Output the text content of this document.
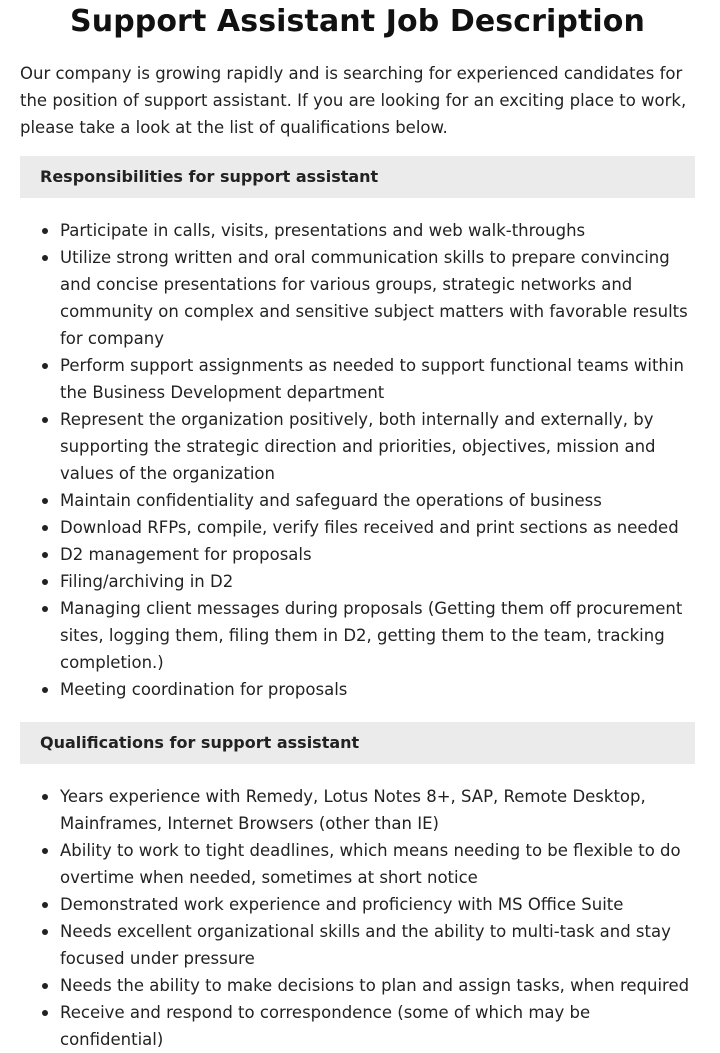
Support Assistant Job Description

Our company is growing rapidly and is searching for experienced candidates for the position of support assistant. If you are looking for an exciting place to work, please take a look at the list of qualifications below.

Responsibilities for support assistant
Participate in calls, visits, presentations and web walk-throughs
Utilize strong written and oral communication skills to prepare convincing and concise presentations for various groups, strategic networks and community on complex and sensitive subject matters with favorable results for company
Perform support assignments as needed to support functional teams within the Business Development department
Represent the organization positively, both internally and externally, by supporting the strategic direction and priorities, objectives, mission and values of the organization
Maintain confidentiality and safeguard the operations of business
Download RFPs, compile, verify files received and print sections as needed
D2 management for proposals
Filing/archiving in D2
Managing client messages during proposals (Getting them off procurement sites, logging them, filing them in D2, getting them to the team, tracking completion.)
Meeting coordination for proposals
Qualifications for support assistant
Years experience with Remedy, Lotus Notes 8+, SAP, Remote Desktop, Mainframes, Internet Browsers (other than IE)
Ability to work to tight deadlines, which means needing to be flexible to do overtime when needed, sometimes at short notice
Demonstrated work experience and proficiency with MS Office Suite
Needs excellent organizational skills and the ability to multi-task and stay focused under pressure
Needs the ability to make decisions to plan and assign tasks, when required
Receive and respond to correspondence (some of which may be confidential)
